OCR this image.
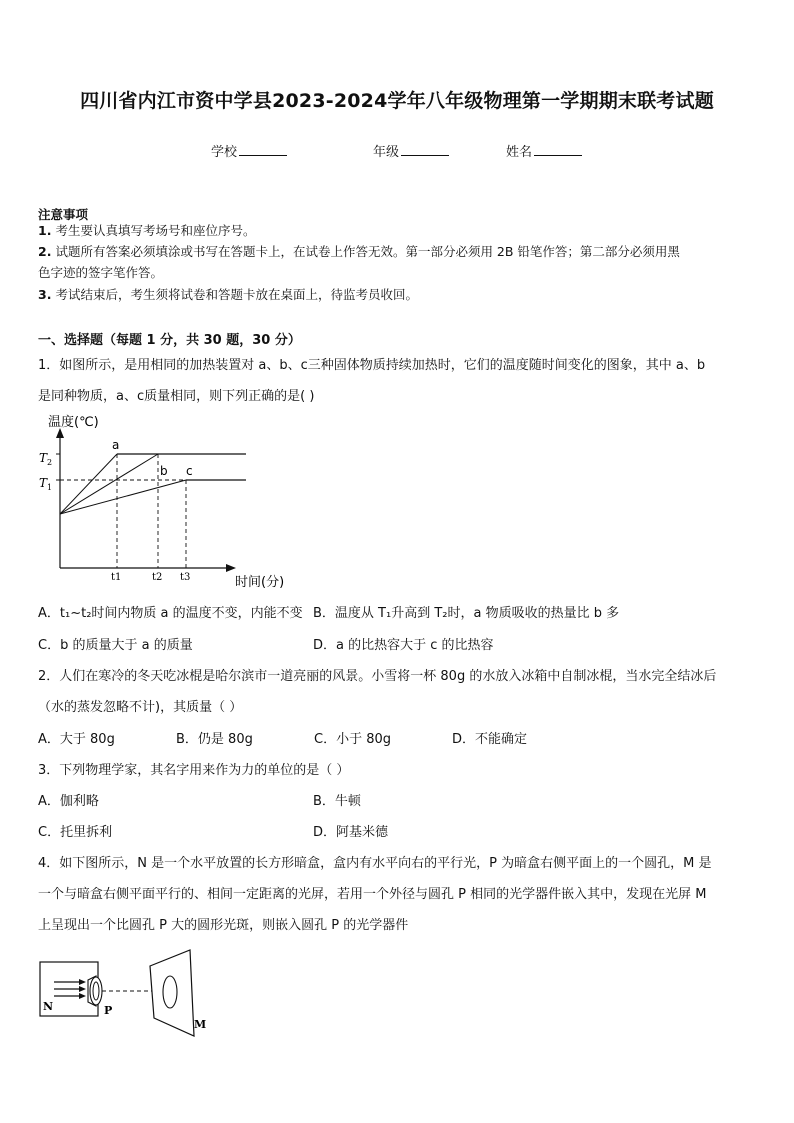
四川省内江市资中学县2023-2024学年八年级物理第一学期期末联考试题
学校	年级	姓名
注意事项
1. 考生要认真填写考场号和座位序号。
2. 试题所有答案必须填涂或书写在答题卡上，在试卷上作答无效。第一部分必须用 2B 铅笔作答；第二部分必须用黑
色字迹的签字笔作答。
3. 考试结束后，考生须将试卷和答题卡放在桌面上，待监考员收回。
一、选择题（每题 1 分，共 30 题，30 分）
1．如图所示，是用相同的加热装置对 a、b、c三种固体物质持续加热时，它们的温度随时间变化的图象，其中 a、b
是同种物质，a、c质量相同，则下列正确的是( )
温度(℃)
时间(分)
$T_2$
$T_1$
a
b c
t1	t2 t3
A．t₁~t₂时间内物质 a 的温度不变，内能不变 B．温度从 T₁升高到 T₂时，a 物质吸收的热量比 b 多
C．b 的质量大于 a 的质量	D．a 的比热容大于 c 的比热容
2．人们在寒冷的冬天吃冰棍是哈尔滨市一道亮丽的风景。小雪将一杯 80g 的水放入冰箱中自制冰棍，当水完全结冰后
（水的蒸发忽略不计)，其质量（ ）
A．大于 80g	B．仍是 80g	C．小于 80g	D．不能确定
3．下列物理学家，其名字用来作为力的单位的是（ ）
A．伽利略	B．牛顿
C．托里拆利	D．阿基米德
4．如下图所示，N 是一个水平放置的长方形暗盒，盒内有水平向右的平行光，P 为暗盒右侧平面上的一个圆孔，M 是
一个与暗盒右侧平面平行的、相间一定距离的光屏，若用一个外径与圆孔 P 相同的光学器件嵌入其中，发现在光屏 M
上呈现出一个比圆孔 P 大的圆形光斑，则嵌入圆孔 P 的光学器件
N	P
M
